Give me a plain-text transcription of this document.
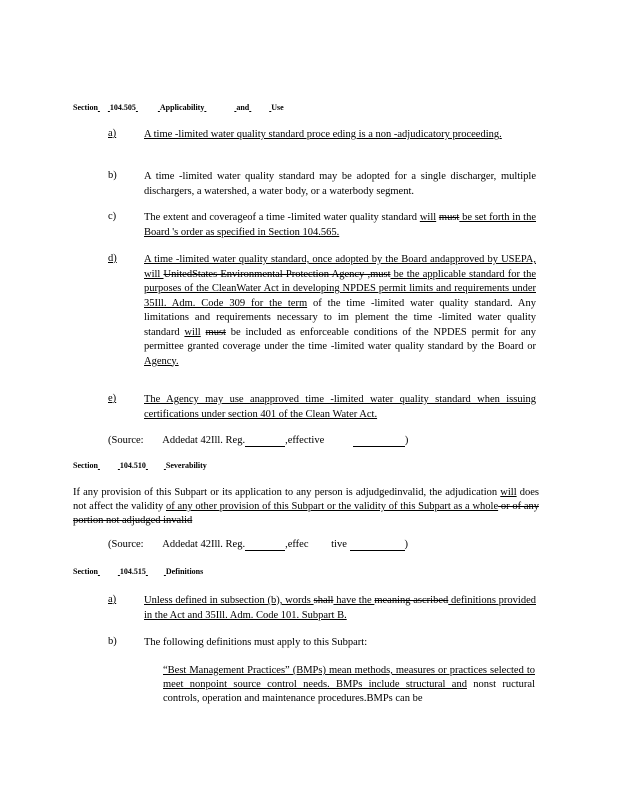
Section 104.505	Applicability	and	Use
a)	A time -limited water quality standard proce eding is a non -adjudicatory proceeding.
b)	A time -limited water quality standard may be adopted for a single discharger, multiple dischargers, a watershed, a water body, or a waterbody segment.
c)	The extent and coverageof a time -limited water quality standard will must be set forth in the Board 's order as specified in Section 104.565.
d)	A time -limited water quality standard, once adopted by the Board andapproved by USEPA, will UnitedStates Environmental Protection Agency ,must be the applicable standard for the purposes of the CleanWater Act in developing NPDES permit limits and requirements under 35Ill. Adm. Code 309 for the term of the time -limited water quality standard. Any limitations and requirements necessary to im plement the time -limited water quality standard will must be included as enforceable conditions of the NPDES permit for any permittee granted coverage under the time -limited water quality standard by the Board or Agency.
e)	The Agency may use anapproved time -limited water quality standard when issuing certifications under section 401 of the Clean Water Act.
(Source: Addedat 42Ill. Reg.	,effective	)
Section	104.510	Severability
If any provision of this Subpart or its application to any person is adjudgedinvalid, the adjudication will does not affect the validity of any other provision of this Subpart or the validity of this Subpart as a whole or of any portion not adjudged invalid
(Source: Addedat 42Ill. Reg.	,effec tive	)
Section	104.515	Definitions
a)	Unless defined in subsection (b), words shall have the meaning ascribed definitions provided in the Act and 35Ill. Adm. Code 101. Subpart B.
b)	The following definitions must apply to this Subpart:
“Best Management Practices” (BMPs) mean methods, measures or practices selected to meet nonpoint source control needs. BMPs include structural and nonst ructural controls, operation and maintenance procedures.BMPs can be
